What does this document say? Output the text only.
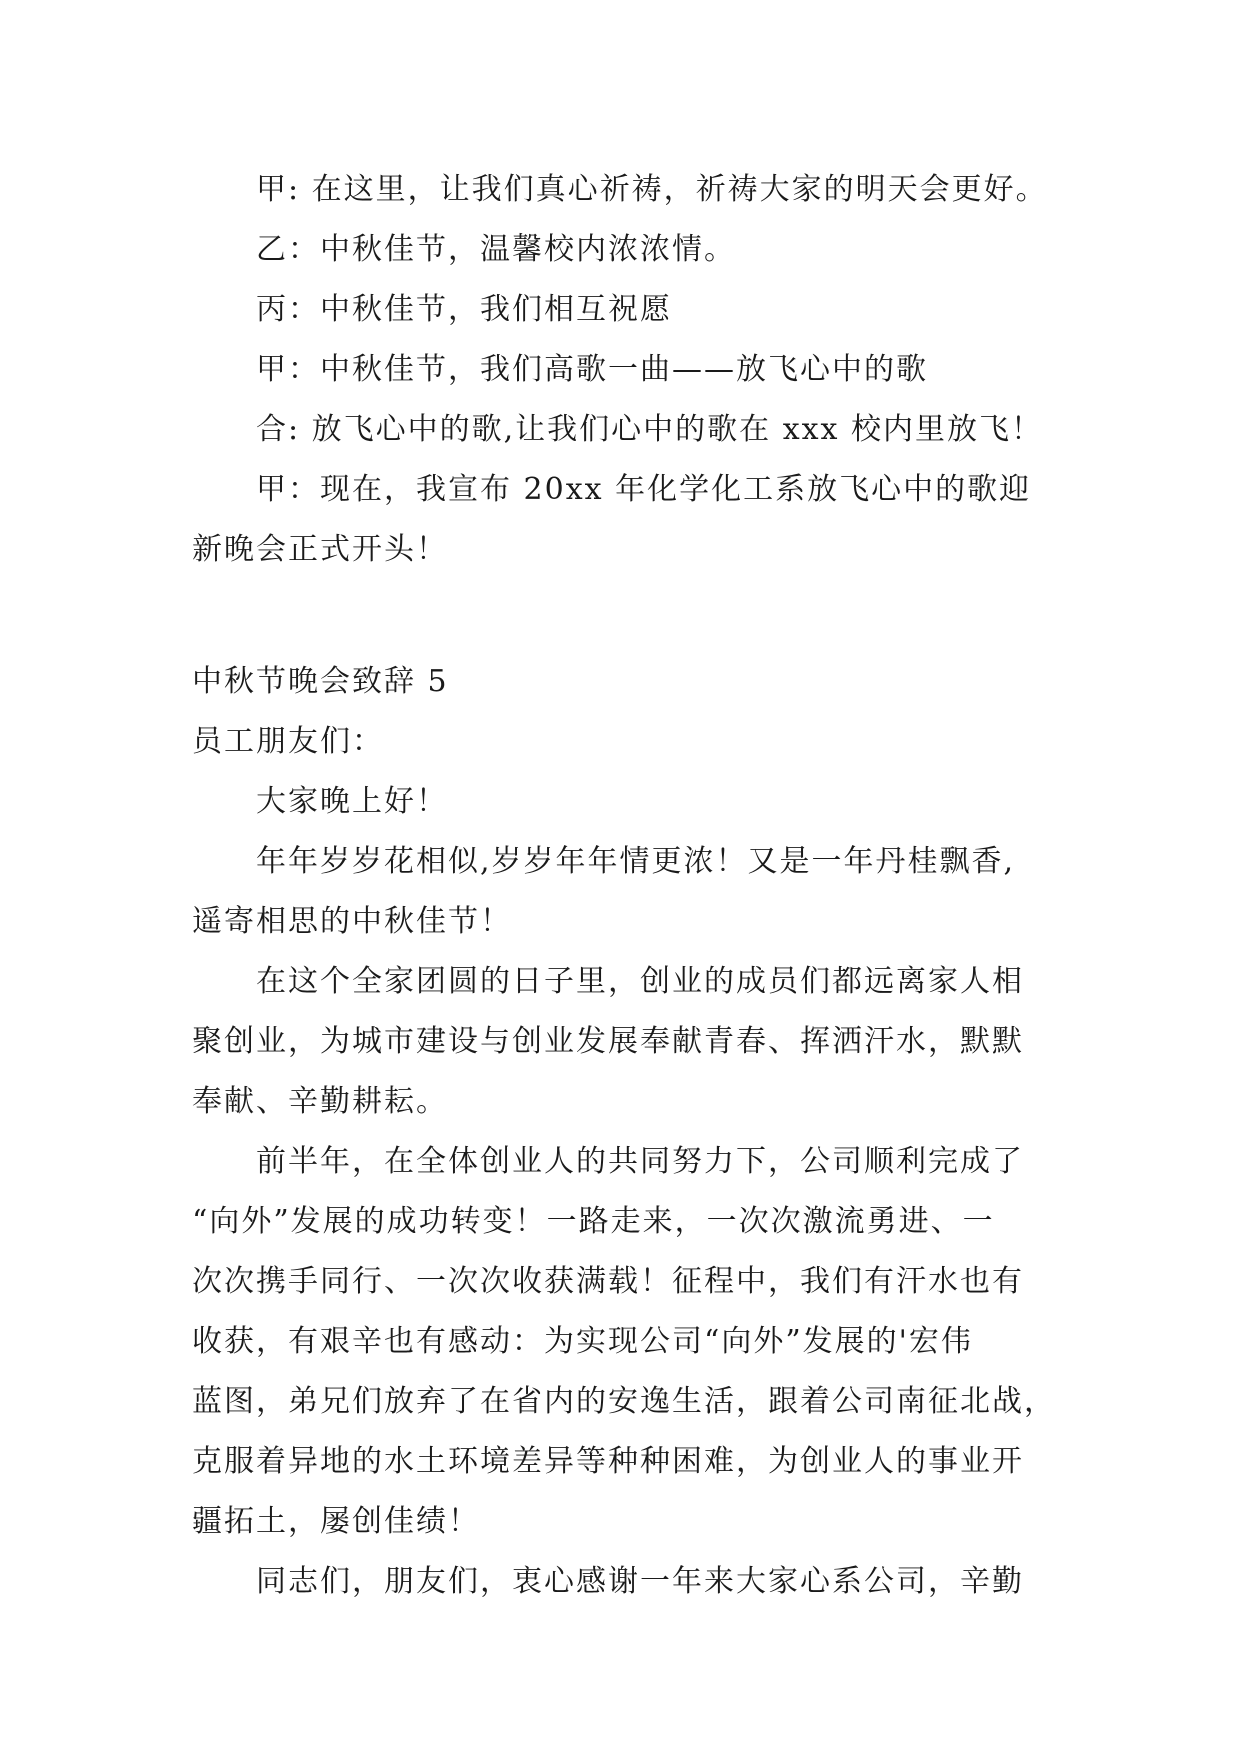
甲: 在这里，让我们真心祈祷，祈祷大家的明天会更好。
乙：中秋佳节，温馨校内浓浓情。
丙：中秋佳节，我们相互祝愿
甲：中秋佳节，我们高歌一曲——放飞心中的歌
合: 放飞心中的歌,让我们心中的歌在 xxx 校内里放飞！
甲：现在，我宣布 20xx 年化学化工系放飞心中的歌迎
新晚会正式开头！
中秋节晚会致辞 5
员工朋友们：
大家晚上好！
年年岁岁花相似,岁岁年年情更浓！又是一年丹桂飘香,
遥寄相思的中秋佳节！
在这个全家团圆的日子里，创业的成员们都远离家人相
聚创业，为城市建设与创业发展奉献青春、挥洒汗水，默默
奉献、辛勤耕耘。
前半年，在全体创业人的共同努力下，公司顺利完成了
“向外”发展的成功转变！一路走来，一次次激流勇进、一
次次携手同行、一次次收获满载！征程中，我们有汗水也有
收获，有艰辛也有感动：为实现公司“向外”发展的'宏伟
蓝图，弟兄们放弃了在省内的安逸生活，跟着公司南征北战，
克服着异地的水土环境差异等种种困难，为创业人的事业开
疆拓土，屡创佳绩！
同志们，朋友们，衷心感谢一年来大家心系公司，辛勤
